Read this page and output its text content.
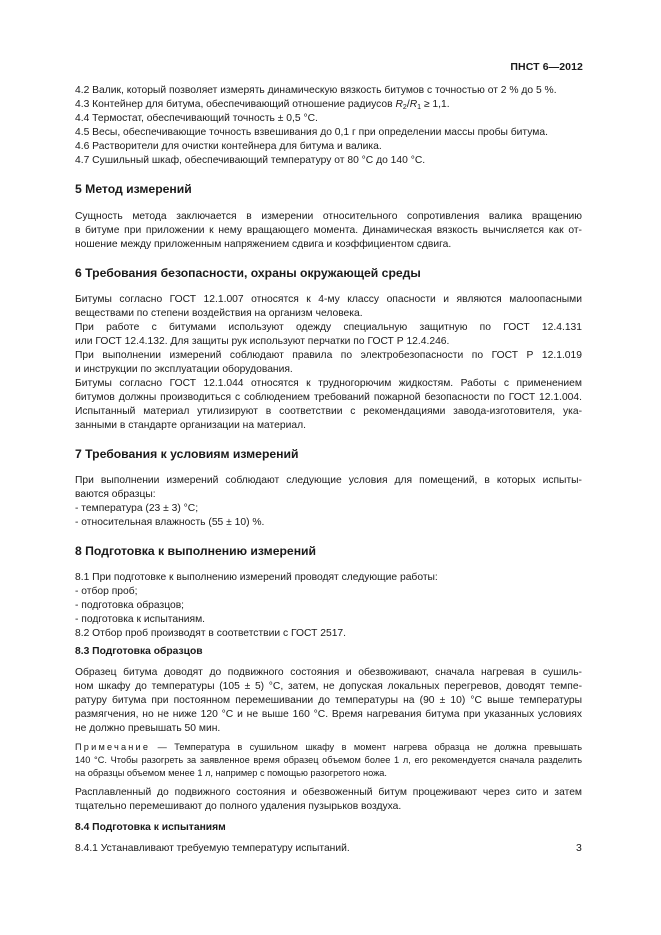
ПНСТ 6—2012
4.2 Валик, который позволяет измерять динамическую вязкость битумов с точностью от 2 % до 5 %.
4.3 Контейнер для битума, обеспечивающий отношение радиусов $R_2/R_1 \ge 1,1$.
4.4 Термостат, обеспечивающий точность ± 0,5 °С.
4.5 Весы, обеспечивающие точность взвешивания до 0,1 г при определении массы пробы битума.
4.6 Растворители для очистки контейнера для битума и валика.
4.7 Сушильный шкаф, обеспечивающий температуру от 80 °С до 140 °С.
5 Метод измерений
Сущность метода заключается в измерении относительного сопротивления валика вращению
в битуме при приложении к нему вращающего момента. Динамическая вязкость вычисляется как от-
ношение между приложенным напряжением сдвига и коэффициентом сдвига.
6 Требования безопасности, охраны окружающей среды
Битумы согласно ГОСТ 12.1.007 относятся к 4-му классу опасности и являются малоопасными
веществами по степени воздействия на организм человека.
При работе с битумами используют одежду специальную защитную по ГОСТ 12.4.131
или ГОСТ 12.4.132. Для защиты рук используют перчатки по ГОСТ Р 12.4.246.
При выполнении измерений соблюдают правила по электробезопасности по ГОСТ Р 12.1.019
и инструкции по эксплуатации оборудования.
Битумы согласно ГОСТ 12.1.044 относятся к трудногорючим жидкостям. Работы с применением
битумов должны производиться с соблюдением требований пожарной безопасности по ГОСТ 12.1.004.
Испытанный материал утилизируют в соответствии с рекомендациями завода-изготовителя, ука-
занными в стандарте организации на материал.
7 Требования к условиям измерений
При выполнении измерений соблюдают следующие условия для помещений, в которых испыты-
ваются образцы:
- температура (23 ± 3) °С;
- относительная влажность (55 ± 10) %.
8 Подготовка к выполнению измерений
8.1 При подготовке к выполнению измерений проводят следующие работы:
- отбор проб;
- подготовка образцов;
- подготовка к испытаниям.
8.2 Отбор проб производят в соответствии с ГОСТ 2517.
8.3 Подготовка образцов
Образец битума доводят до подвижного состояния и обезвоживают, сначала нагревая в сушиль-
ном шкафу до температуры (105 ± 5) °С, затем, не допуская локальных перегревов, доводят темпе-
ратуру битума при постоянном перемешивании до температуры на (90 ± 10) °С выше температуры
размягчения, но не ниже 120 °С и не выше 160 °С. Время нагревания битума при указанных условиях
не должно превышать 50 мин.
Примечание — Температура в сушильном шкафу в момент нагрева образца не должна превышать
140 °С. Чтобы разогреть за заявленное время образец объемом более 1 л, его рекомендуется сначала разделить
на образцы объемом менее 1 л, например с помощью разогретого ножа.
Расплавленный до подвижного состояния и обезвоженный битум процеживают через сито и затем
тщательно перемешивают до полного удаления пузырьков воздуха.
8.4 Подготовка к испытаниям
8.4.1 Устанавливают требуемую температуру испытаний.	3
